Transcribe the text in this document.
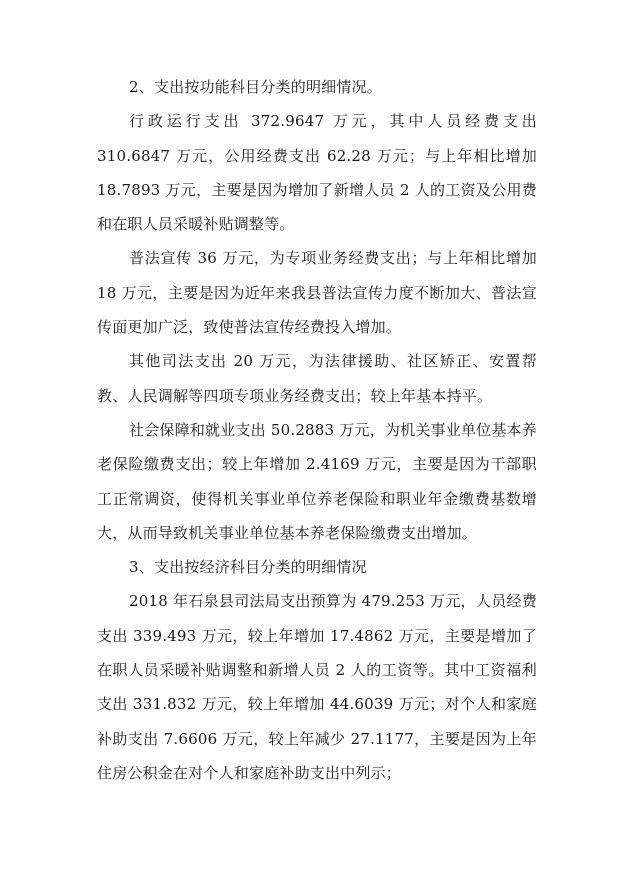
2、支出按功能科目分类的明细情况。

行政运行支出 372.9647 万元，其中人员经费支出 310.6847 万元，公用经费支出 62.28 万元；与上年相比增加 18.7893 万元，主要是因为增加了新增人员 2 人的工资及公用费和在职人员采暖补贴调整等。

普法宣传 36 万元，为专项业务经费支出；与上年相比增加 18 万元，主要是因为近年来我县普法宣传力度不断加大、普法宣传面更加广泛，致使普法宣传经费投入增加。

其他司法支出 20 万元，为法律援助、社区矫正、安置帮教、人民调解等四项专项业务经费支出；较上年基本持平。

社会保障和就业支出 50.2883 万元，为机关事业单位基本养老保险缴费支出；较上年增加 2.4169 万元，主要是因为干部职工正常调资，使得机关事业单位养老保险和职业年金缴费基数增大，从而导致机关事业单位基本养老保险缴费支出增加。

3、支出按经济科目分类的明细情况

2018 年石泉县司法局支出预算为 479.253 万元，人员经费支出 339.493 万元，较上年增加 17.4862 万元，主要是增加了在职人员采暖补贴调整和新增人员 2 人的工资等。其中工资福利支出 331.832 万元，较上年增加 44.6039 万元；对个人和家庭补助支出 7.6606 万元，较上年减少 27.1177，主要是因为上年住房公积金在对个人和家庭补助支出中列示；
